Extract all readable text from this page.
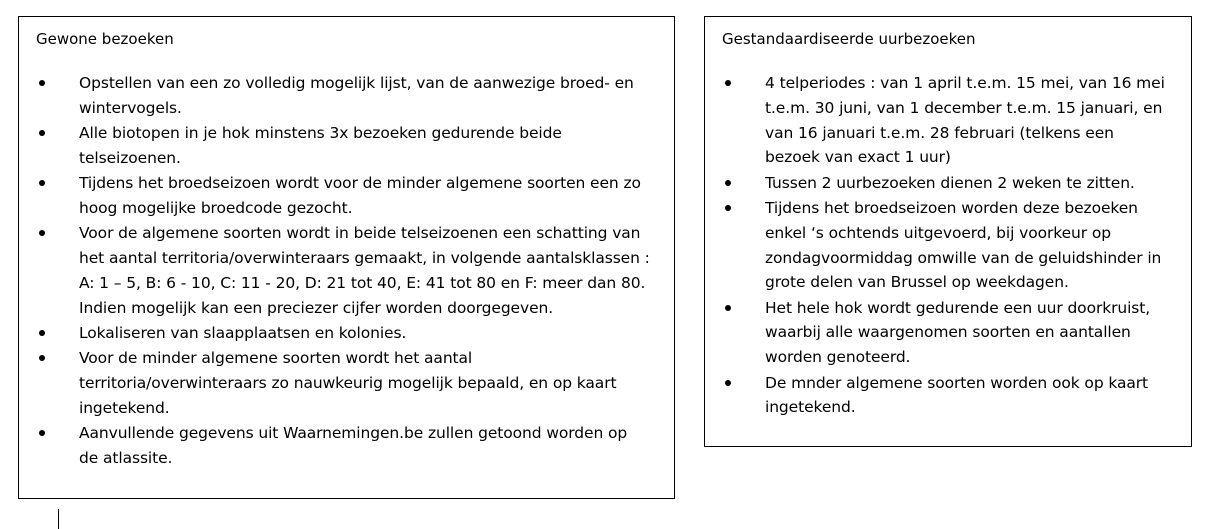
Gewone bezoeken
Opstellen van een zo volledig mogelijk lijst, van de aanwezige broed- en wintervogels.
Alle biotopen in je hok minstens 3x bezoeken gedurende beide telseizoenen.
Tijdens het broedseizoen wordt voor de minder algemene soorten een zo hoog mogelijke broedcode gezocht.
Voor de algemene soorten wordt in beide telseizoenen een schatting van het aantal territoria/overwinteraars gemaakt, in volgende aantalsklassen : A: 1 – 5, B: 6 - 10, C: 11 - 20, D: 21 tot 40, E: 41 tot 80 en F: meer dan 80. Indien mogelijk kan een preciezer cijfer worden doorgegeven.
Lokaliseren van slaapplaatsen en kolonies.
Voor de minder algemene soorten wordt het aantal territoria/overwinteraars zo nauwkeurig mogelijk bepaald, en op kaart ingetekend.
Aanvullende gegevens uit Waarnemingen.be zullen getoond worden op de atlassite.
Gestandaardiseerde uurbezoeken
4 telperiodes : van 1 april t.e.m. 15 mei, van 16 mei t.e.m. 30 juni, van 1 december t.e.m. 15 januari, en van 16 januari t.e.m. 28 februari (telkens een bezoek van exact 1 uur)
Tussen 2 uurbezoeken dienen 2 weken te zitten.
Tijdens het broedseizoen worden deze bezoeken enkel ‘s ochtends uitgevoerd, bij voorkeur op zondagvoormiddag omwille van de geluidshinder in grote delen van Brussel op weekdagen.
Het hele hok wordt gedurende een uur doorkruist, waarbij alle waargenomen soorten en aantallen worden genoteerd.
De mnder algemene soorten worden ook op kaart ingetekend.
